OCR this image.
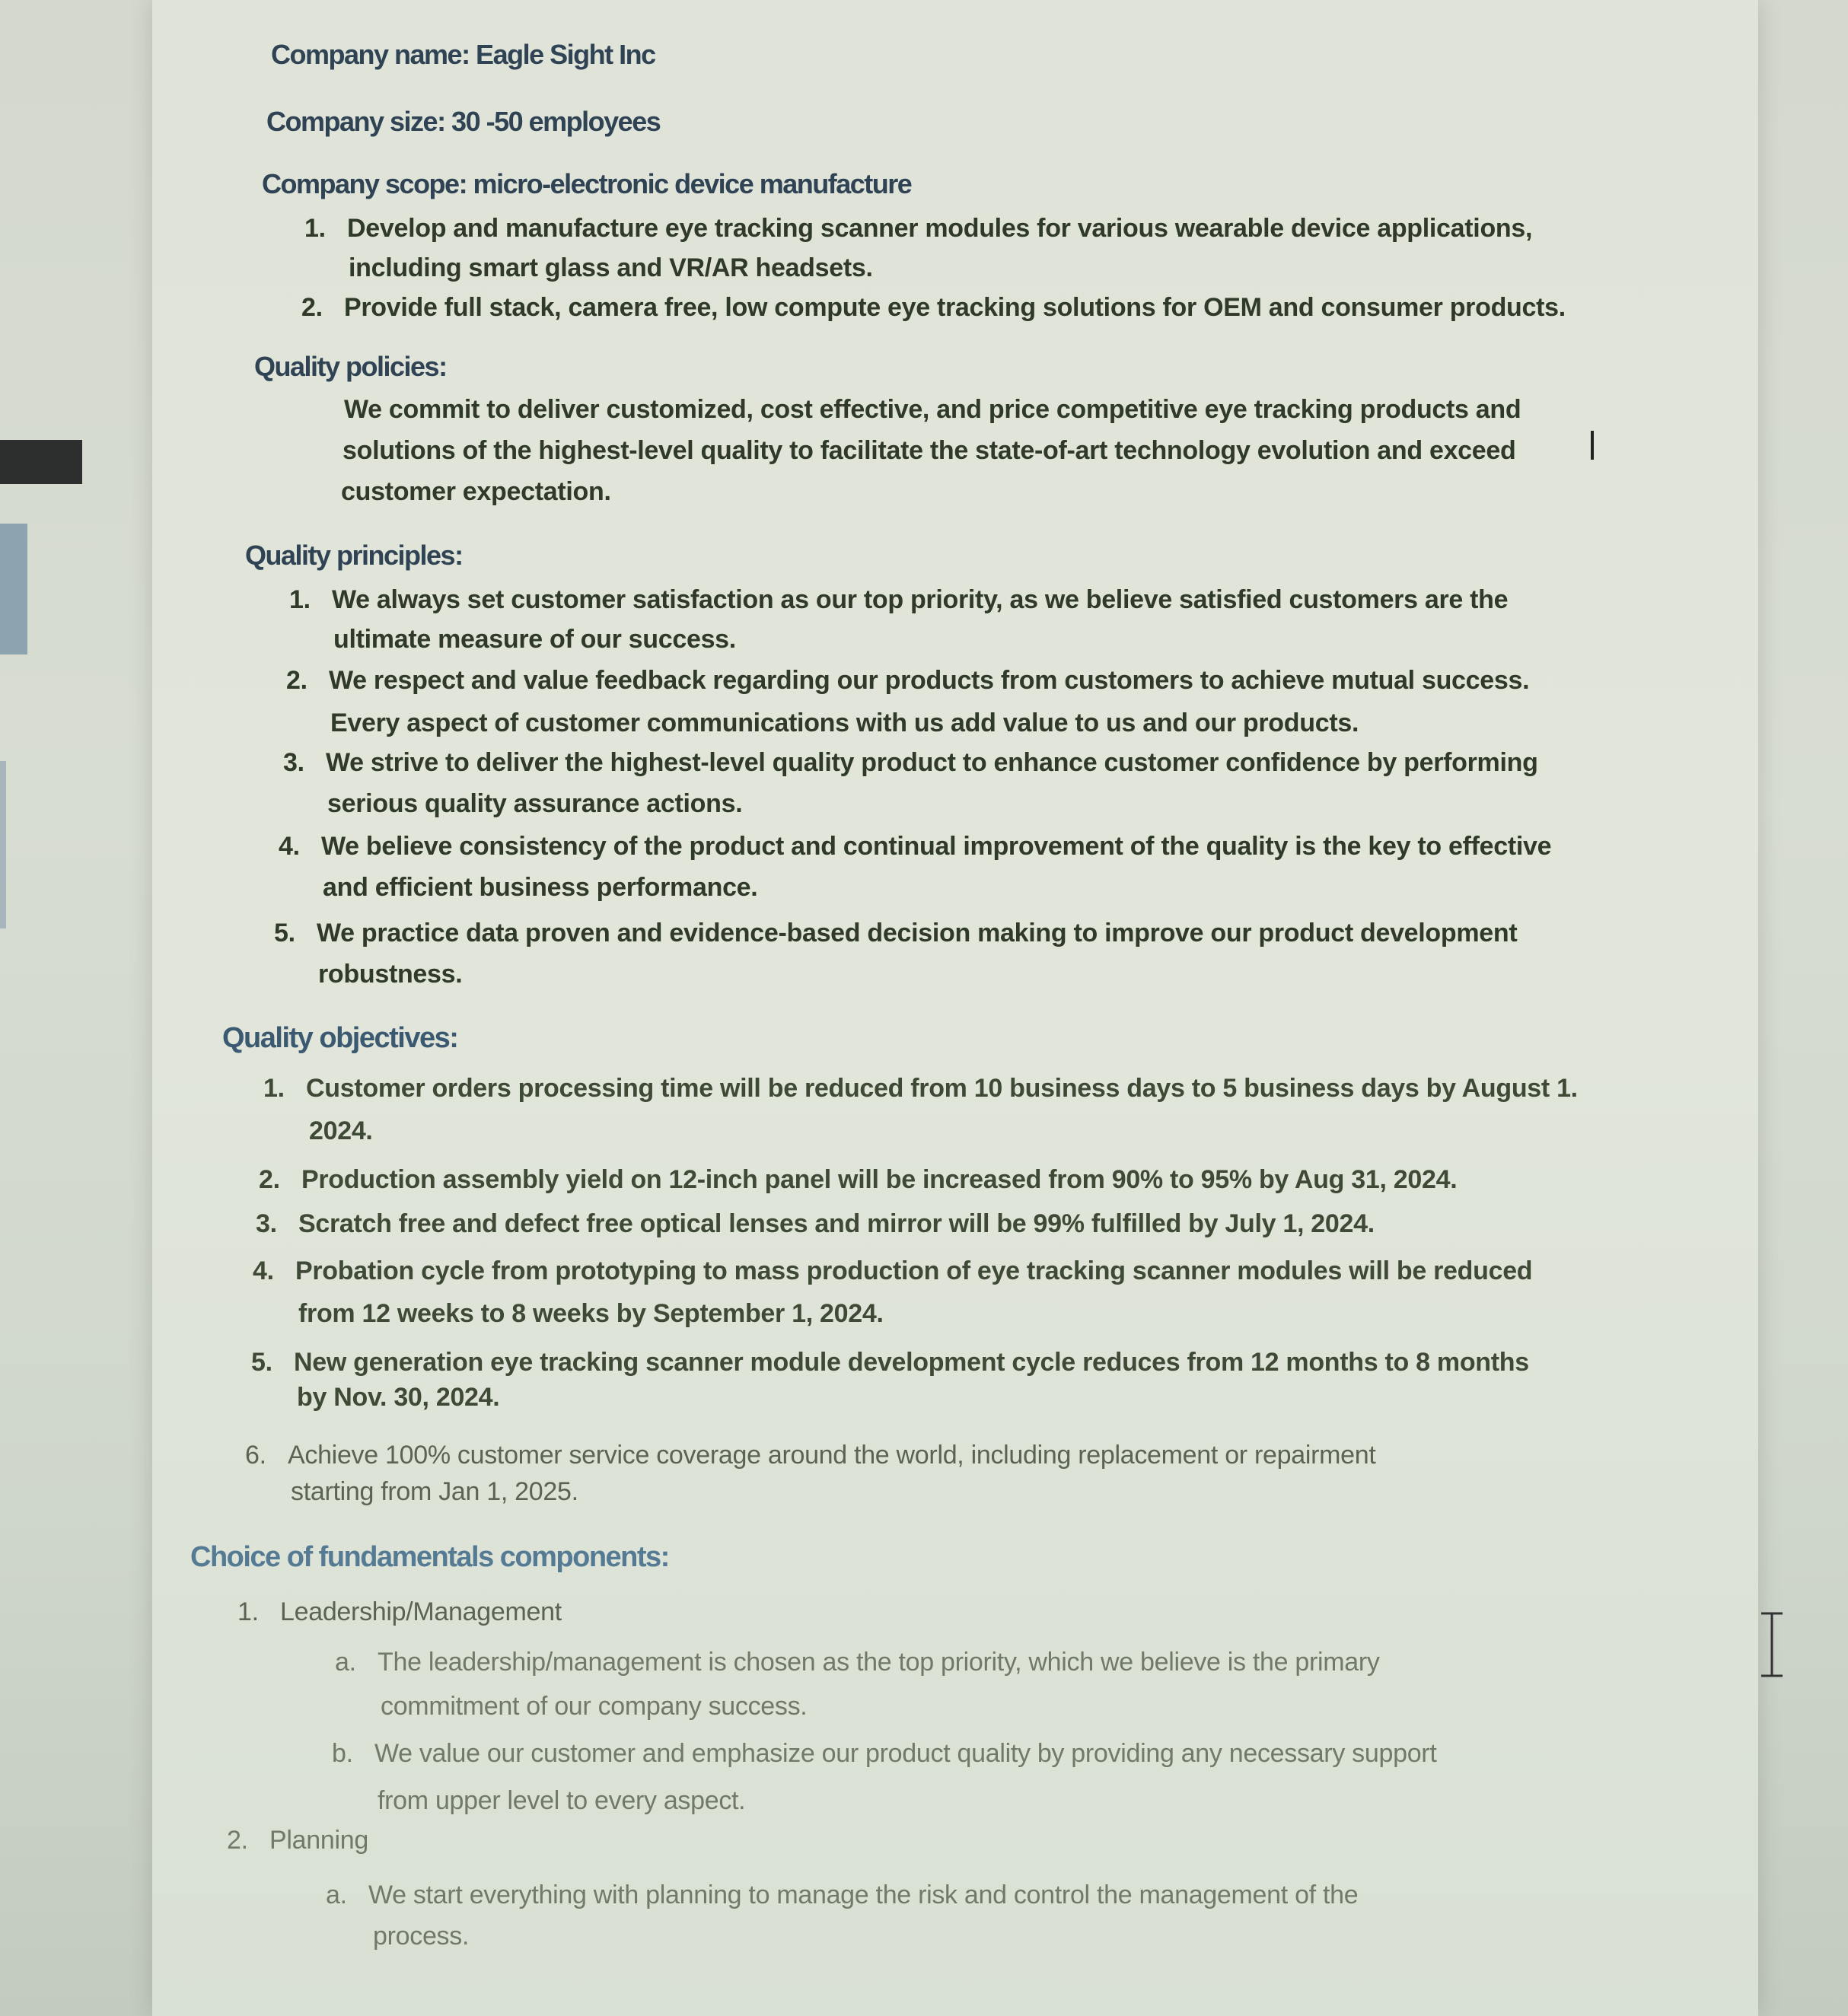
Company name: Eagle Sight Inc
Company size: 30 -50 employees
Company scope: micro-electronic device manufacture
1. Develop and manufacture eye tracking scanner modules for various wearable device applications,
including smart glass and VR/AR headsets.
2. Provide full stack, camera free, low compute eye tracking solutions for OEM and consumer products.
Quality policies:
We commit to deliver customized, cost effective, and price competitive eye tracking products and
solutions of the highest-level quality to facilitate the state-of-art technology evolution and exceed
customer expectation.
Quality principles:
1. We always set customer satisfaction as our top priority, as we believe satisfied customers are the
ultimate measure of our success.
2. We respect and value feedback regarding our products from customers to achieve mutual success.
Every aspect of customer communications with us add value to us and our products.
3. We strive to deliver the highest-level quality product to enhance customer confidence by performing
serious quality assurance actions.
4. We believe consistency of the product and continual improvement of the quality is the key to effective
and efficient business performance.
5. We practice data proven and evidence-based decision making to improve our product development
robustness.
Quality objectives:
1. Customer orders processing time will be reduced from 10 business days to 5 business days by August 1.
2024.
2. Production assembly yield on 12-inch panel will be increased from 90% to 95% by Aug 31, 2024.
3. Scratch free and defect free optical lenses and mirror will be 99% fulfilled by July 1, 2024.
4. Probation cycle from prototyping to mass production of eye tracking scanner modules will be reduced
from 12 weeks to 8 weeks by September 1, 2024.
5. New generation eye tracking scanner module development cycle reduces from 12 months to 8 months
by Nov. 30, 2024.
6. Achieve 100% customer service coverage around the world, including replacement or repairment
starting from Jan 1, 2025.
Choice of fundamentals components:
1. Leadership/Management
a. The leadership/management is chosen as the top priority, which we believe is the primary
commitment of our company success.
b. We value our customer and emphasize our product quality by providing any necessary support
from upper level to every aspect.
2. Planning
a. We start everything with planning to manage the risk and control the management of the
process.
